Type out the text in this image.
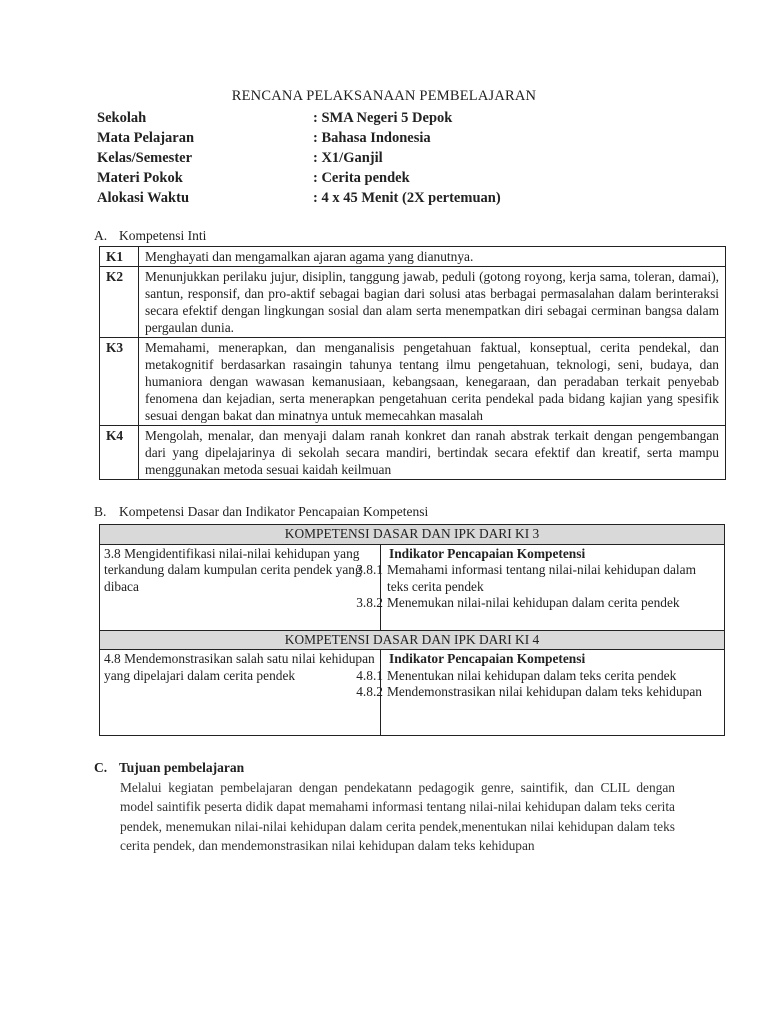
RENCANA PELAKSANAAN PEMBELAJARAN
Sekolah	: SMA Negeri 5 Depok
Mata Pelajaran	: Bahasa Indonesia
Kelas/Semester	: X1/Ganjil
Materi Pokok	: Cerita pendek
Alokasi Waktu	: 4 x 45 Menit (2X pertemuan)
A. Kompetensi Inti
K1	Menghayati dan mengamalkan ajaran agama yang dianutnya.
K2	Menunjukkan perilaku jujur, disiplin, tanggung jawab, peduli (gotong royong, kerja sama, toleran, damai), santun, responsif, dan pro-aktif sebagai bagian dari solusi atas berbagai permasalahan dalam berinteraksi secara efektif dengan lingkungan sosial dan alam serta menempatkan diri sebagai cerminan bangsa dalam pergaulan dunia.
K3	Memahami, menerapkan, dan menganalisis pengetahuan faktual, konseptual, cerita pendekal, dan metakognitif berdasarkan rasaingin tahunya tentang ilmu pengetahuan, teknologi, seni, budaya, dan humaniora dengan wawasan kemanusiaan, kebangsaan, kenegaraan, dan peradaban terkait penyebab fenomena dan kejadian, serta menerapkan pengetahuan cerita pendekal pada bidang kajian yang spesifik sesuai dengan bakat dan minatnya untuk memecahkan masalah
K4	Mengolah, menalar, dan menyaji dalam ranah konkret dan ranah abstrak terkait dengan pengembangan dari yang dipelajarinya di sekolah secara mandiri, bertindak secara efektif dan kreatif, serta mampu menggunakan metoda sesuai kaidah keilmuan
B. Kompetensi Dasar dan Indikator Pencapaian Kompetensi
KOMPETENSI DASAR DAN IPK DARI KI 3	
3.8 Mengidentifikasi nilai-nilai kehidupan yang terkandung dalam kumpulan cerita pendek yang dibaca	Indikator Pencapaian Kompetensi
3.8.1 Memahami informasi tentang nilai-nilai kehidupan dalam teks cerita pendek
3.8.2 Menemukan nilai-nilai kehidupan dalam cerita pendek

KOMPETENSI DASAR DAN IPK DARI KI 4	
4.8 Mendemonstrasikan salah satu nilai kehidupan yang dipelajari dalam cerita pendek	Indikator Pencapaian Kompetensi
4.8.1 Menentukan nilai kehidupan dalam teks cerita pendek
4.8.2 Mendemonstrasikan nilai kehidupan dalam teks kehidupan
C. Tujuan pembelajaran
Melalui kegiatan pembelajaran dengan pendekatann pedagogik genre, saintifik, dan CLIL dengan model saintifik peserta didik dapat memahami informasi tentang nilai-nilai kehidupan dalam teks cerita pendek, menemukan nilai-nilai kehidupan dalam cerita pendek,menentukan nilai kehidupan dalam teks cerita pendek, dan mendemonstrasikan nilai kehidupan dalam teks kehidupan
